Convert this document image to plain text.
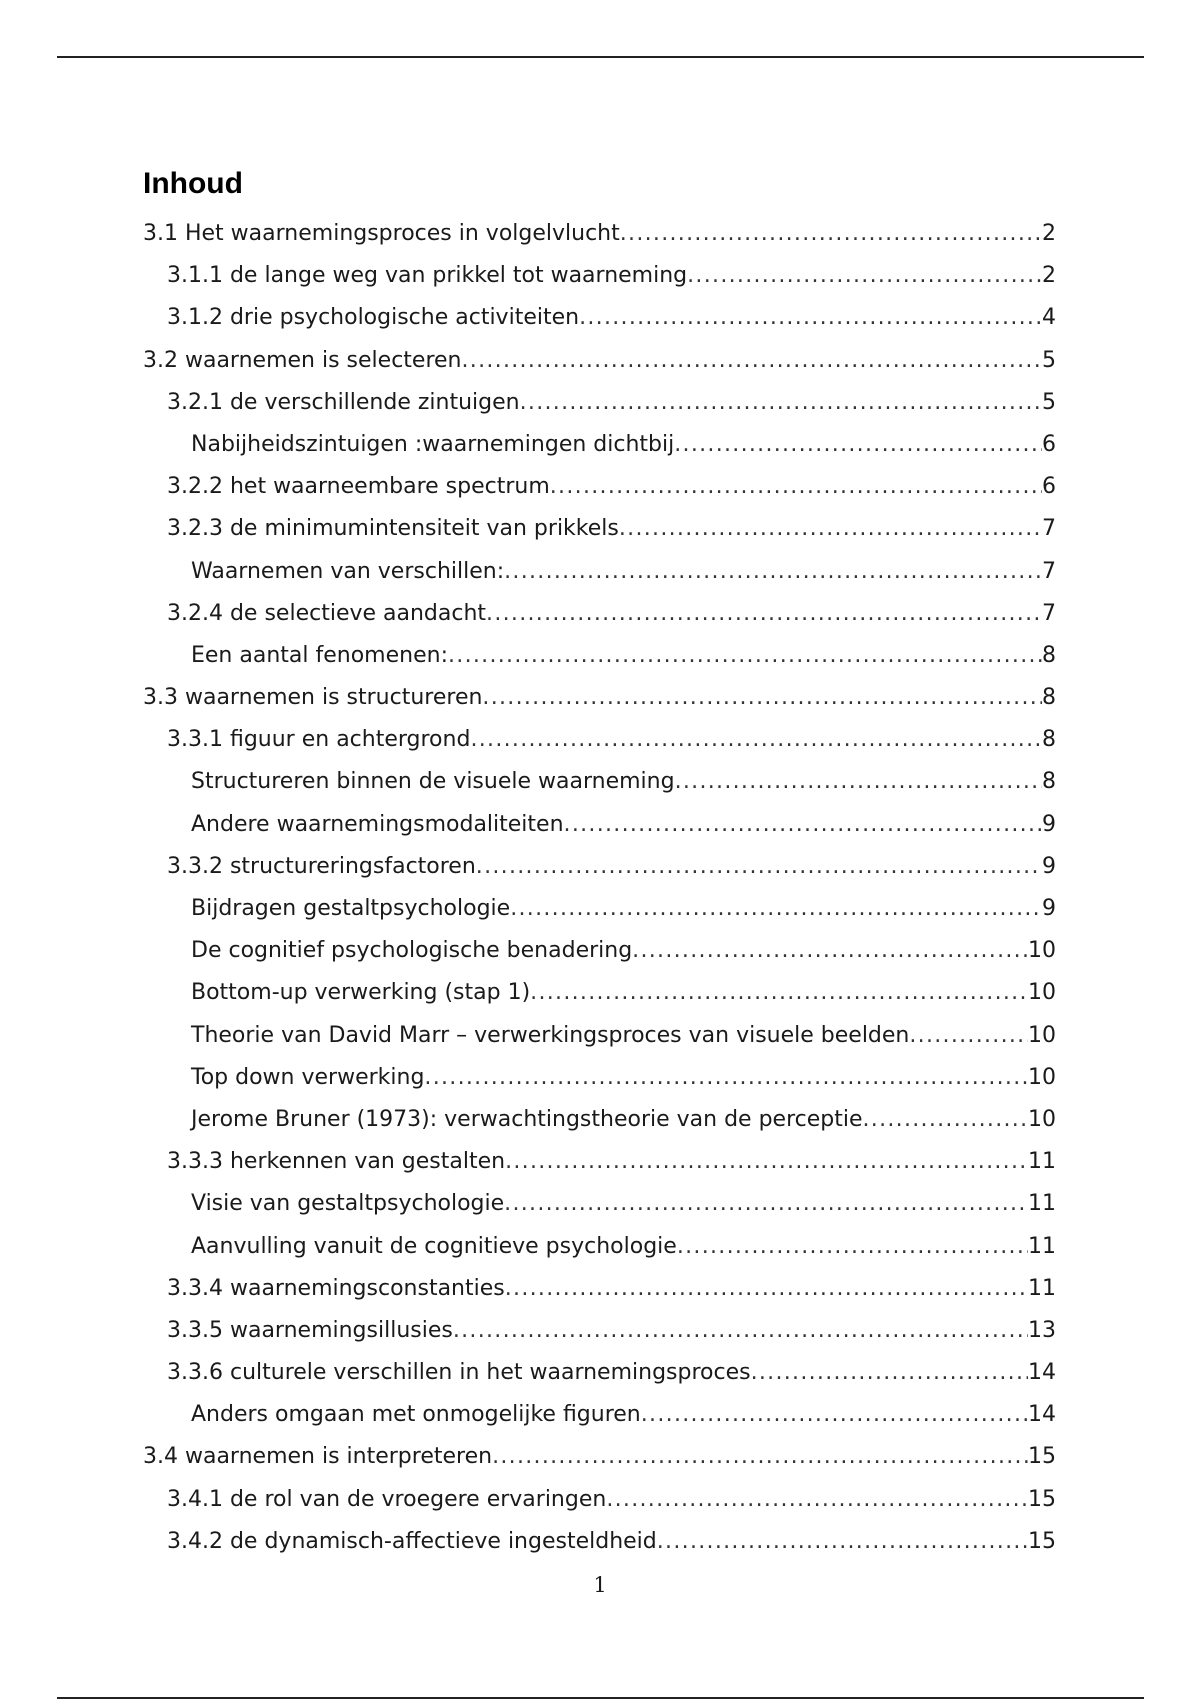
Inhoud
3.1 Het waarnemingsproces in volgelvlucht .....	2
3.1.1 de lange weg van prikkel tot waarneming .....	2
3.1.2 drie psychologische activiteiten .....	4
3.2 waarnemen is selecteren .....	5
3.2.1 de verschillende zintuigen .....	5
Nabijheidszintuigen :waarnemingen dichtbij .....	6
3.2.2 het waarneembare spectrum .....	6
3.2.3 de minimumintensiteit van prikkels .....	7
Waarnemen van verschillen: .....	7
3.2.4 de selectieve aandacht .....	7
Een aantal fenomenen: .....	8
3.3 waarnemen is structureren .....	8
3.3.1 figuur en achtergrond .....	8
Structureren binnen de visuele waarneming .....	8
Andere waarnemingsmodaliteiten .....	9
3.3.2 structureringsfactoren .....	9
Bijdragen gestaltpsychologie .....	9
De cognitief psychologische benadering .....	10
Bottom-up verwerking (stap 1) .....	10
Theorie van David Marr – verwerkingsproces van visuele beelden .....	10
Top down verwerking .....	10
Jerome Bruner (1973): verwachtingstheorie van de perceptie .....	10
3.3.3 herkennen van gestalten .....	11
Visie van gestaltpsychologie .....	11
Aanvulling vanuit de cognitieve psychologie .....	11
3.3.4 waarnemingsconstanties .....	11
3.3.5 waarnemingsillusies .....	13
3.3.6 culturele verschillen in het waarnemingsproces .....	14
Anders omgaan met onmogelijke figuren .....	14
3.4 waarnemen is interpreteren .....	15
3.4.1 de rol van de vroegere ervaringen .....	15
3.4.2 de dynamisch-affectieve ingesteldheid .....	15
1
